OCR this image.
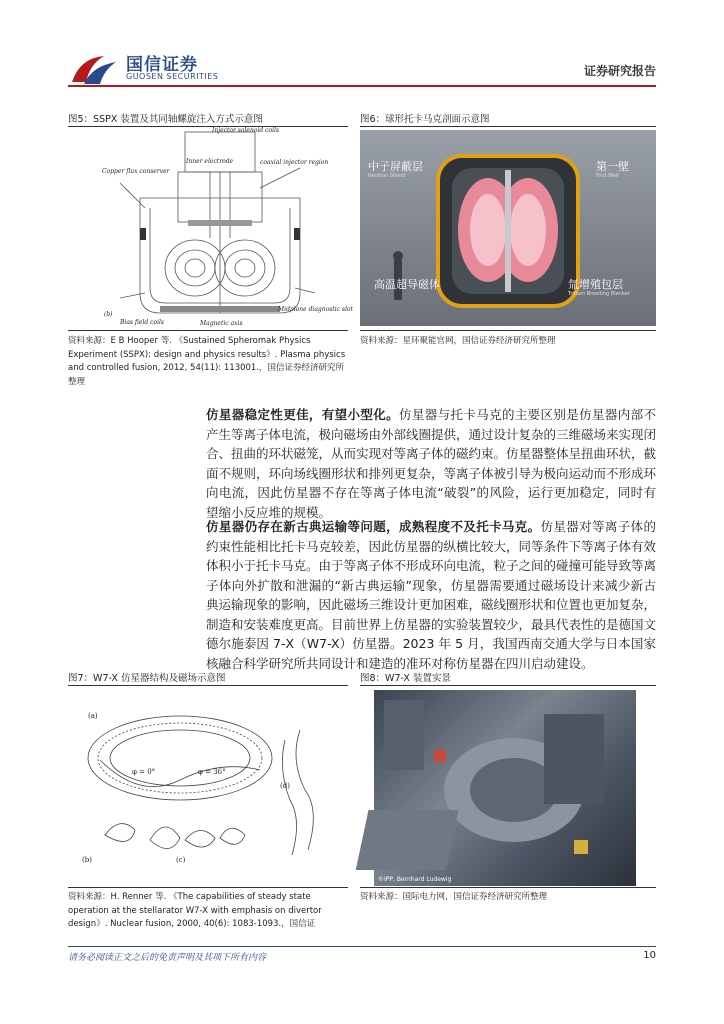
国信证券
GUOSEN SECURITIES	证券研究报告
图5：SSPX 装置及其同轴螺旋注入方式示意图
Injector solenoid coils
Copper flux conserver
Inner electrode	coaxial injector region
(b)
Bias field coils	Magnetic axis
Midplane diagnostic slot
资料来源：E B Hooper 等. 《Sustained Spheromak Physics Experiment (SSPX): design and physics results》. Plasma physics and controlled fusion, 2012, 54(11): 113001.，国信证券经济研究所整理
图6：球形托卡马克剖面示意图
中子屏蔽层
Neutron Shield
第一壁
First Wall
高温超导磁体	氚增殖包层
Tritium Breeding Blanket
资料来源：星环聚能官网，国信证券经济研究所整理
仿星器稳定性更佳，有望小型化。仿星器与托卡马克的主要区别是仿星器内部不产生等离子体电流，极向磁场由外部线圈提供，通过设计复杂的三维磁场来实现闭合、扭曲的环状磁笼，从而实现对等离子体的磁约束。仿星器整体呈扭曲环状，截面不规则，环向场线圈形状和排列更复杂，等离子体被引导为极向运动而不形成环向电流，因此仿星器不存在等离子体电流“破裂”的风险，运行更加稳定，同时有望缩小反应堆的规模。
仿星器仍存在新古典运输等问题，成熟程度不及托卡马克。仿星器对等离子体的约束性能相比托卡马克较差，因此仿星器的纵横比较大，同等条件下等离子体有效体积小于托卡马克。由于等离子体不形成环向电流，粒子之间的碰撞可能导致等离子体向外扩散和泄漏的“新古典运输”现象，仿星器需要通过磁场设计来减少新古典运输现象的影响，因此磁场三维设计更加困难，磁线圈形状和位置也更加复杂，制造和安装难度更高。目前世界上仿星器的实验装置较少，最具代表性的是德国文德尔施泰因 7-X（W7-X）仿星器。2023 年 5 月，我国西南交通大学与日本国家核融合科学研究所共同设计和建造的准环对称仿星器在四川启动建设。
图7：W7-X 仿星器结构及磁场示意图
(a)
φ = 0°	φ = 36°
(b)	(c)
(d)
资料来源：H. Renner 等. 《The capabilities of steady state operation at the stellarator W7-X with emphasis on divertor design》. Nuclear fusion, 2000, 40(6): 1083-1093.，国信证
图8：W7-X 装置实景
©IPP, Bernhard Ludewig
资料来源：国际电力网，国信证券经济研究所整理
请务必阅读正文之后的免责声明及其项下所有内容	10
